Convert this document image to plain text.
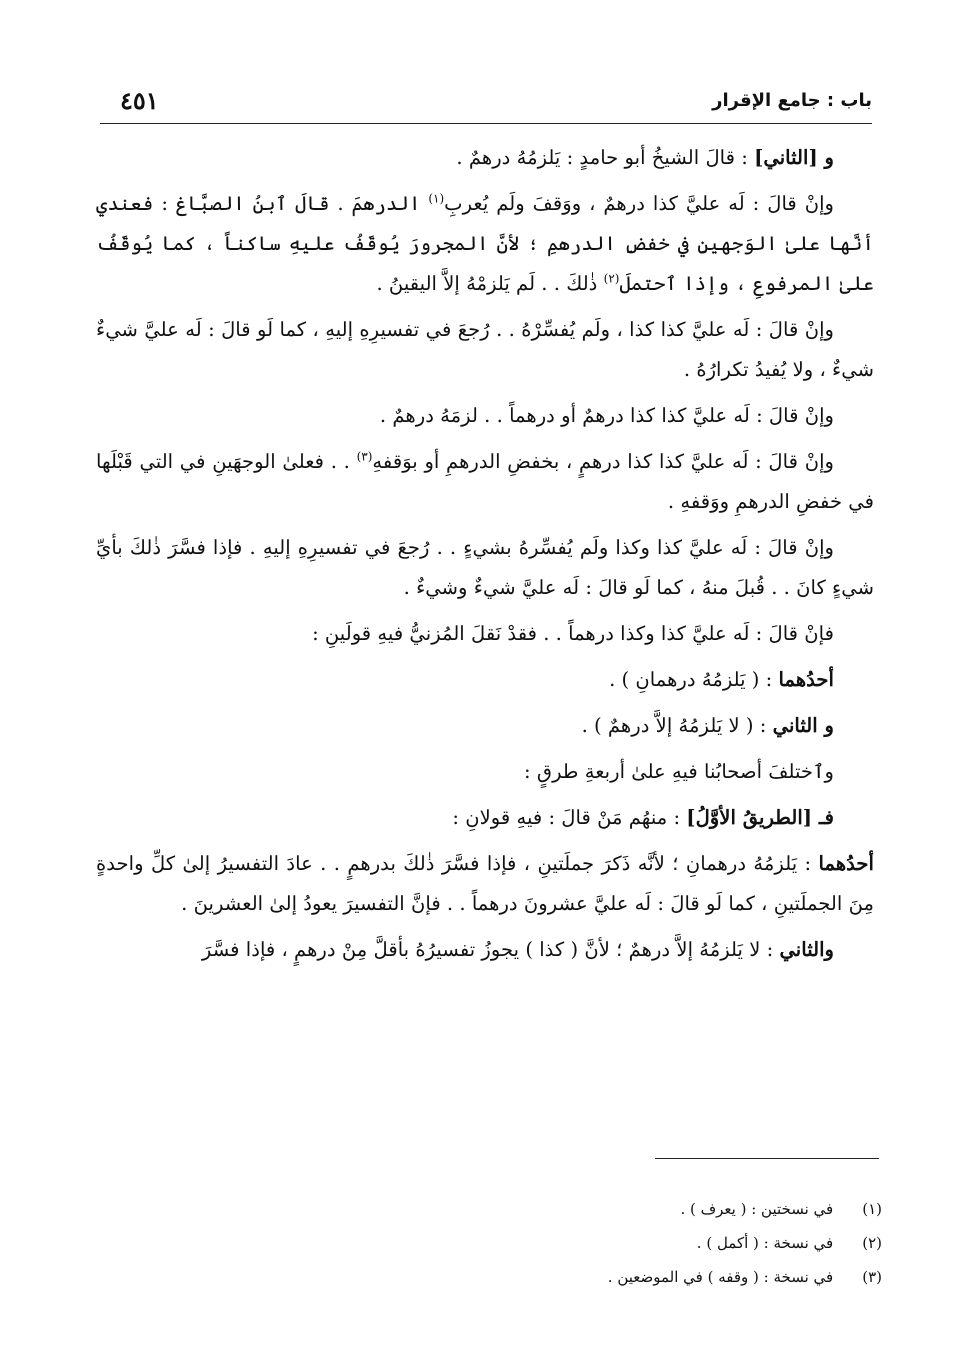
باب : جامع الإقرار
٤٥١

و [الثاني] : قالَ الشيخُ أبو حامدٍ : يَلزمُهُ درهمٌ .

وإنْ قالَ : لَه عليَّ كذا درهمٌ ، ووَقفَ ولَم يُعربِ$^{(١)}$ الدرهمَ . قالَ ٱبنُ الصبَّاغ : فعندي أنَّها علىٰ الوَجهينِ في خفضِ الدرهمِ ؛ لأنَّ المجرورَ يُوقَفُ عليهِ ساكناً ، كما يُوقَفُ علىٰ المرفوعِ ، وإذا ٱحتملَ$^{(٢)}$ ذٰلكَ . . لَم يَلزمْهُ إلاَّ اليقينُ .

وإنْ قالَ : لَه عليَّ كذا كذا ، ولَم يُفسِّرْهُ . . رُجعَ في تفسيرِهِ إليهِ ، كما لَو قالَ : لَه عليَّ شيءٌ شيءٌ ، ولا يُفيدُ تكرارُهُ .

وإنْ قالَ : لَه عليَّ كذا كذا درهمٌ أو درهماً . . لزمَهُ درهمٌ .

وإنْ قالَ : لَه عليَّ كذا كذا درهمٍ ، بخفضِ الدرهمِ أو بوَقفهِ$^{(٣)}$ . . فعلىٰ الوجهَينِ في التي قَبْلَها في خفضِ الدرهمِ ووَقفهِ .

وإنْ قالَ : لَه عليَّ كذا وكذا ولَم يُفسِّرهُ بشيءٍ . . رُجعَ في تفسيرِهِ إليهِ . فإذا فسَّرَ ذٰلكَ بأيِّ شيءٍ كانَ . . قُبلَ منهُ ، كما لَو قالَ : لَه عليَّ شيءٌ وشيءٌ .

فإنْ قالَ : لَه عليَّ كذا وكذا درهماً . . فقدْ نَقلَ المُزنيُّ فيهِ قولَينِ :

أحدُهما : ( يَلزمُهُ درهمانِ ) .

و الثاني : ( لا يَلزمُهُ إلاَّ درهمٌ ) .

وٱختلفَ أصحابُنا فيهِ علىٰ أربعةِ طرقٍ :

فـ [الطريقُ الأوَّلُ] : منهُم مَنْ قالَ : فيهِ قولانِ :

أحدُهما : يَلزمُهُ درهمانِ ؛ لأنَّه ذَكرَ جملَتينِ ، فإذا فسَّرَ ذٰلكَ بدرهمٍ . . عادَ التفسيرُ إلىٰ كلِّ واحدةٍ مِنَ الجملَتينِ ، كما لَو قالَ : لَه عليَّ عشرونَ درهماً . . فإنَّ التفسيرَ يعودُ إلىٰ العشرينَ .

والثاني : لا يَلزمُهُ إلاَّ درهمٌ ؛ لأنَّ ( كذا ) يجوزُ تفسيرُهُ بأقلَّ مِنْ درهمٍ ، فإذا فسَّرَ

(١) في نسختين : ( يعرف ) .
(٢) في نسخة : ( أكمل ) .
(٣) في نسخة : ( وقفه ) في الموضعين .
